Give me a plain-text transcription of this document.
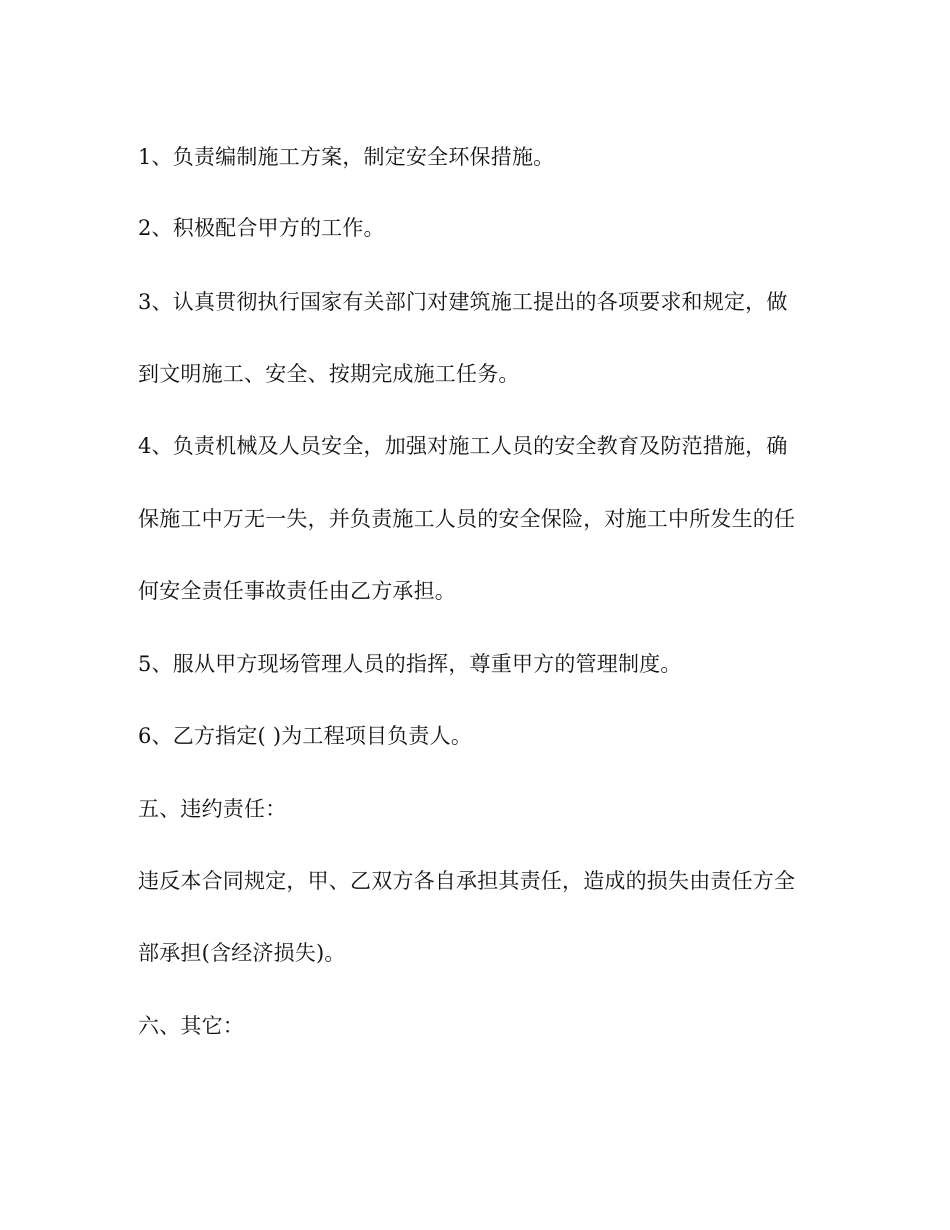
1、负责编制施工方案，制定安全环保措施。
2、积极配合甲方的工作。
3、认真贯彻执行国家有关部门对建筑施工提出的各项要求和规定，做
到文明施工、安全、按期完成施工任务。
4、负责机械及人员安全，加强对施工人员的安全教育及防范措施，确
保施工中万无一失，并负责施工人员的安全保险，对施工中所发生的任
何安全责任事故责任由乙方承担。
5、服从甲方现场管理人员的指挥，尊重甲方的管理制度。
6、乙方指定( )为工程项目负责人。
五、违约责任：
违反本合同规定，甲、乙双方各自承担其责任，造成的损失由责任方全
部承担(含经济损失)。
六、其它：
